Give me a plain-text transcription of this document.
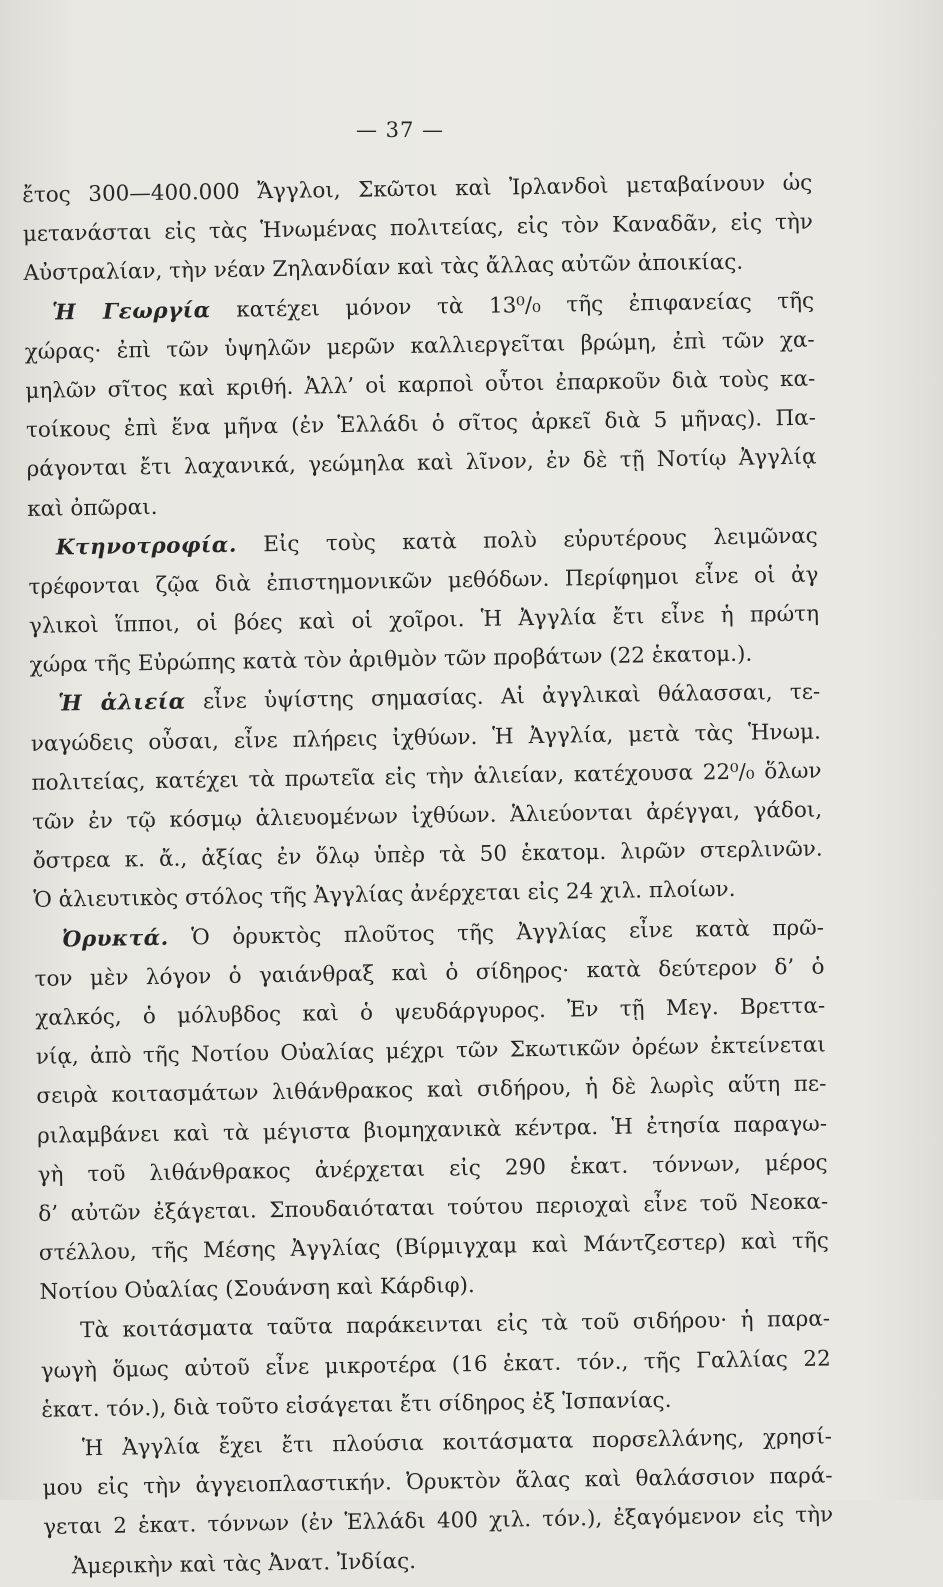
— 37 —
ἔτος 300—400.000 Ἄγγλοι, Σκῶτοι καὶ Ἰρλανδοὶ μεταβαίνουν ὡς
μετανάσται εἰς τὰς Ἡνωμένας πολιτείας, εἰς τὸν Καναδᾶν, εἰς τὴν
Αὐστραλίαν, τὴν νέαν Ζηλανδίαν καὶ τὰς ἄλλας αὐτῶν ἀποικίας.
Ἡ Γεωργία κατέχει μόνον τὰ 13⁰/₀ τῆς ἐπιφανείας τῆς
χώρας· ἐπὶ τῶν ὑψηλῶν μερῶν καλλιεργεῖται βρώμη, ἐπὶ τῶν χα-
μηλῶν σῖτος καὶ κριθή. Ἀλλ’ οἱ καρποὶ οὗτοι ἐπαρκοῦν διὰ τοὺς κα-
τοίκους ἐπὶ ἕνα μῆνα (ἐν Ἑλλάδι ὁ σῖτος ἀρκεῖ διὰ 5 μῆνας). Πα-
ράγονται ἔτι λαχανικά, γεώμηλα καὶ λῖνον, ἐν δὲ τῇ Νοτίῳ Ἀγγλίᾳ
καὶ ὀπῶραι.
Κτηνοτροφία. Εἰς τοὺς κατὰ πολὺ εὐρυτέρους λειμῶνας
τρέφονται ζῷα διὰ ἐπιστημονικῶν μεθόδων. Περίφημοι εἶνε οἱ ἀγ
γλικοὶ ἵπποι, οἱ βόες καὶ οἱ χοῖροι. Ἡ Ἀγγλία ἔτι εἶνε ἡ πρώτη
χώρα τῆς Εὐρώπης κατὰ τὸν ἀριθμὸν τῶν προβάτων (22 ἑκατομ.).
Ἡ ἁλιεία εἶνε ὑψίστης σημασίας. Αἱ ἀγγλικαὶ θάλασσαι, τε-
ναγώδεις οὖσαι, εἶνε πλήρεις ἰχθύων. Ἡ Ἀγγλία, μετὰ τὰς Ἡνωμ.
πολιτείας, κατέχει τὰ πρωτεῖα εἰς τὴν ἁλιείαν, κατέχουσα 22⁰/₀ ὅλων
τῶν ἐν τῷ κόσμῳ ἁλιευομένων ἰχθύων. Ἁλιεύονται ἀρέγγαι, γάδοι,
ὄστρεα κ. ἄ., ἀξίας ἐν ὅλῳ ὑπὲρ τὰ 50 ἑκατομ. λιρῶν στερλινῶν.
Ὁ ἁλιευτικὸς στόλος τῆς Ἀγγλίας ἀνέρχεται εἰς 24 χιλ. πλοίων.
Ὀρυκτά. Ὁ ὀρυκτὸς πλοῦτος τῆς Ἀγγλίας εἶνε κατὰ πρῶ-
τον μὲν λόγον ὁ γαιάνθραξ καὶ ὁ σίδηρος· κατὰ δεύτερον δ’ ὁ
χαλκός, ὁ μόλυβδος καὶ ὁ ψευδάργυρος. Ἐν τῇ Μεγ. Βρεττα-
νίᾳ, ἀπὸ τῆς Νοτίου Οὐαλίας μέχρι τῶν Σκωτικῶν ὀρέων ἐκτείνεται
σειρὰ κοιτασμάτων λιθάνθρακος καὶ σιδήρου, ἡ δὲ λωρὶς αὕτη πε-
ριλαμβάνει καὶ τὰ μέγιστα βιομηχανικὰ κέντρα. Ἡ ἐτησία παραγω-
γὴ τοῦ λιθάνθρακος ἀνέρχεται εἰς 290 ἑκατ. τόννων, μέρος
δ’ αὐτῶν ἐξάγεται. Σπουδαιόταται τούτου περιοχαὶ εἶνε τοῦ Νεοκα-
στέλλου, τῆς Μέσης Ἀγγλίας (Βίρμιγχαμ καὶ Μάντζεστερ) καὶ τῆς
Νοτίου Οὐαλίας (Σουάνση καὶ Κάρδιφ).
Τὰ κοιτάσματα ταῦτα παράκεινται εἰς τὰ τοῦ σιδήρου· ἡ παρα-
γωγὴ ὅμως αὐτοῦ εἶνε μικροτέρα (16 ἑκατ. τόν., τῆς Γαλλίας 22
ἑκατ. τόν.), διὰ τοῦτο εἰσάγεται ἔτι σίδηρος ἐξ Ἱσπανίας.
Ἡ Ἀγγλία ἔχει ἔτι πλούσια κοιτάσματα πορσελλάνης, χρησί-
μου εἰς τὴν ἀγγειοπλαστικήν. Ὀρυκτὸν ἅλας καὶ θαλάσσιον παρά-
γεται 2 ἑκατ. τόννων (ἐν Ἑλλάδι 400 χιλ. τόν.), ἐξαγόμενον εἰς τὴν
Ἀμερικὴν καὶ τὰς Ἀνατ. Ἰνδίας.
